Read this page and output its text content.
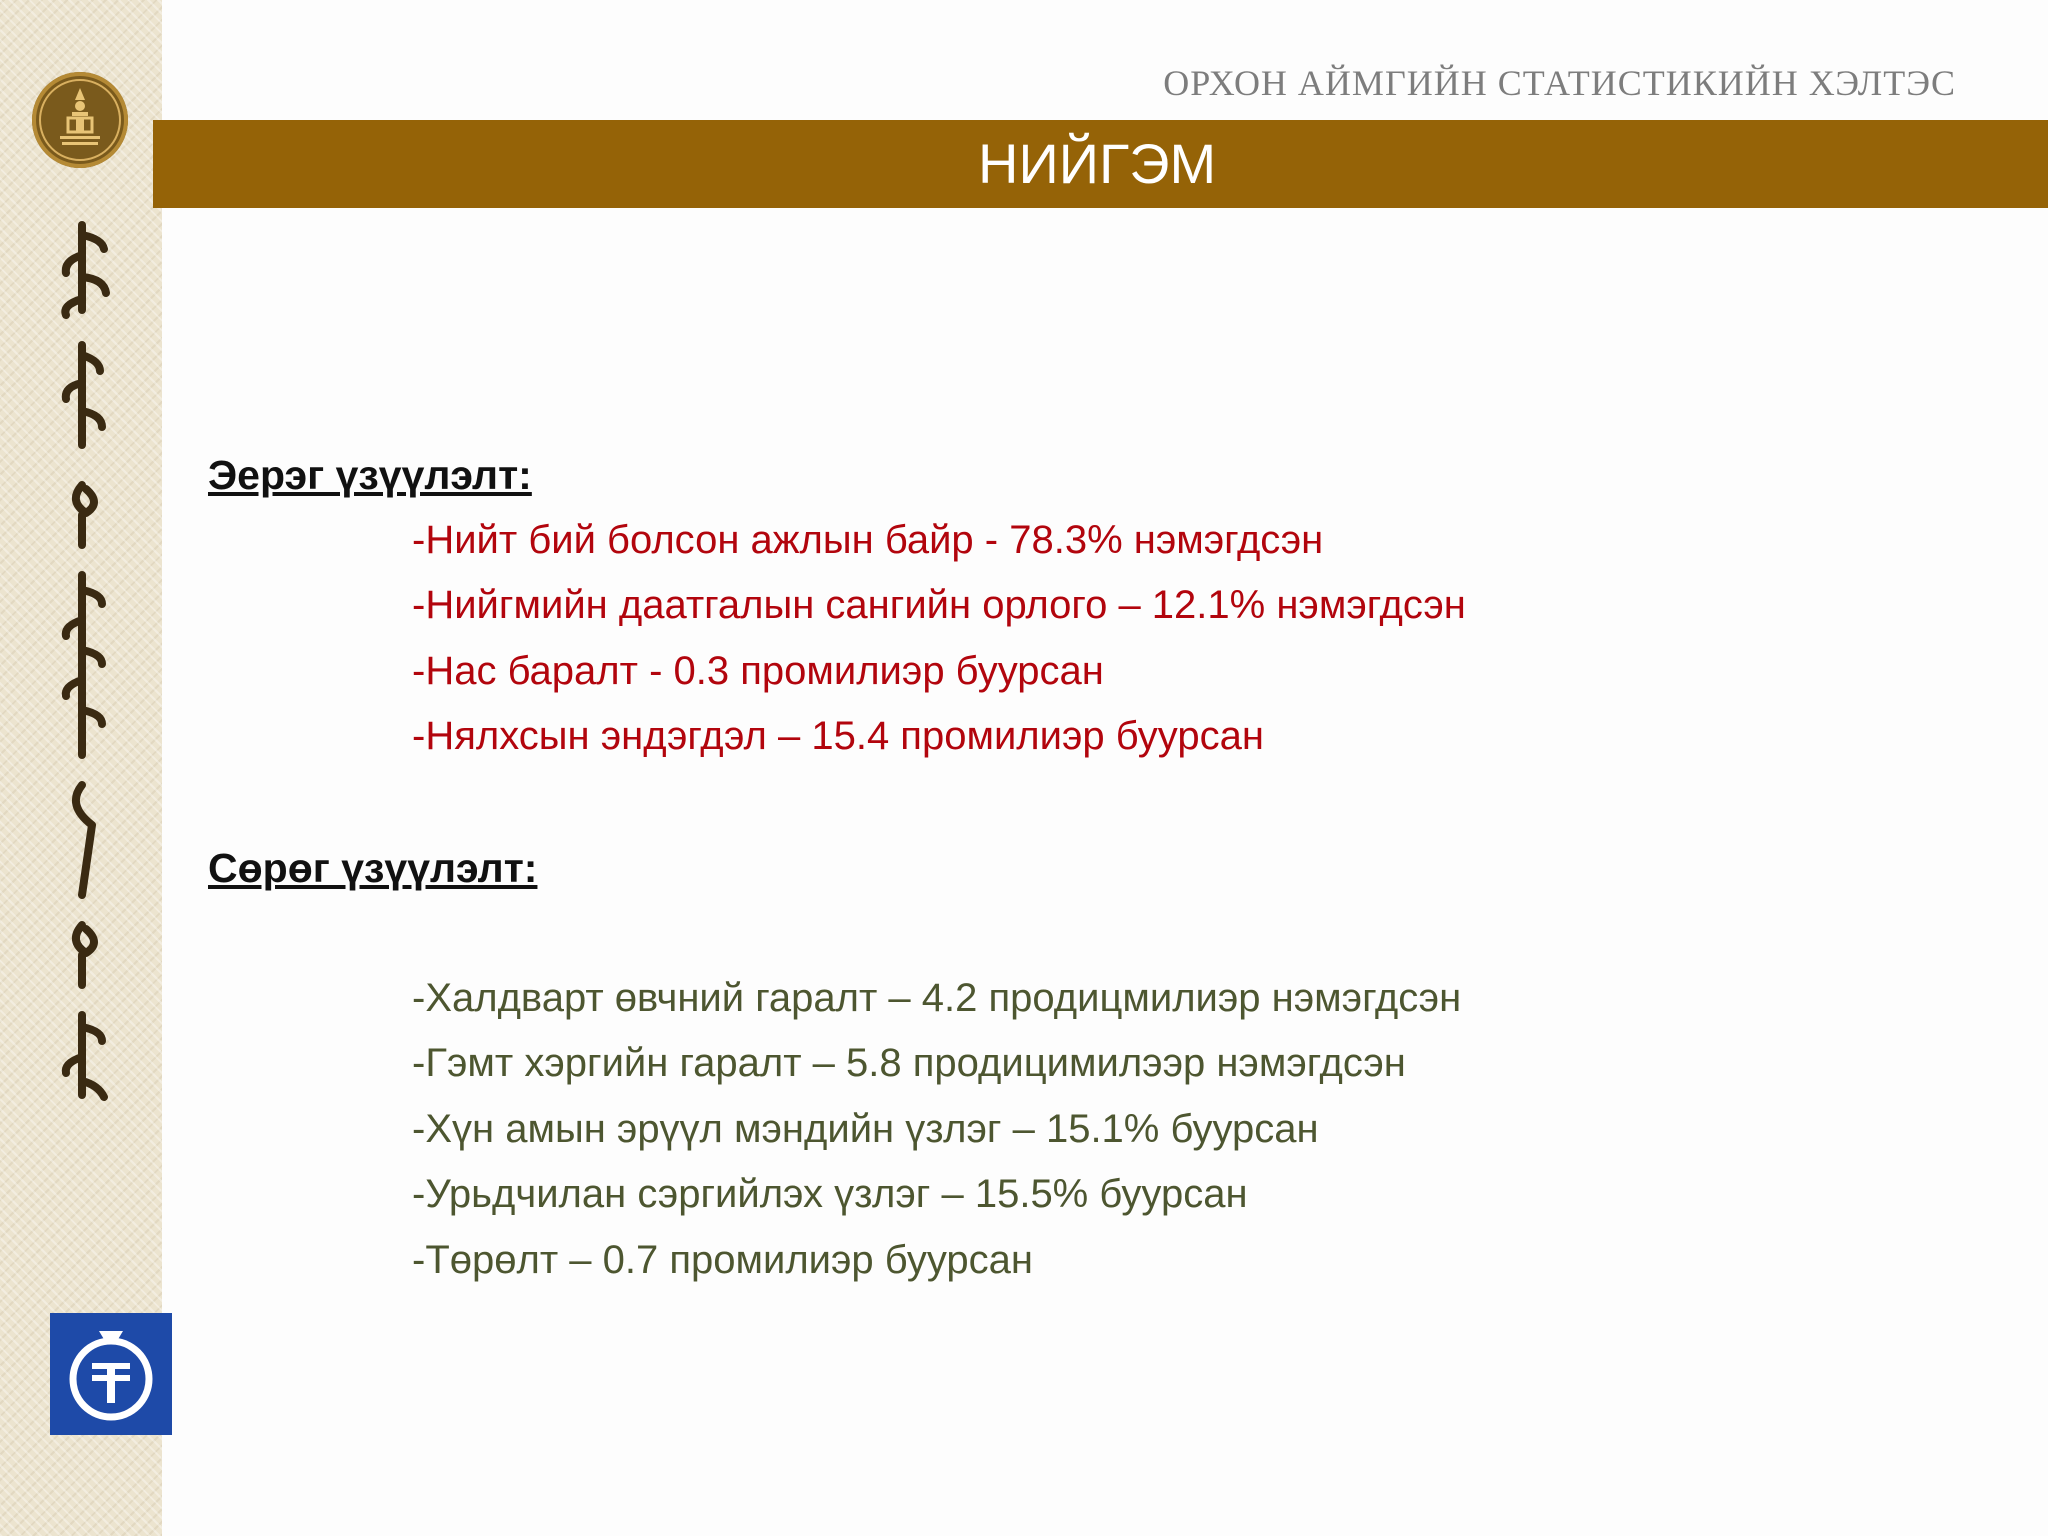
ОРХОН АЙМГИЙН СТАТИСТИКИЙН ХЭЛТЭС
НИЙГЭМ
Эерэг үзүүлэлт:
-Нийт бий болсон ажлын байр - 78.3% нэмэгдсэн
-Нийгмийн даатгалын сангийн орлого – 12.1% нэмэгдсэн
-Нас баралт - 0.3 промилиэр буурсан
-Нялхсын эндэгдэл – 15.4 промилиэр буурсан
Сөрөг үзүүлэлт:
-Халдварт өвчний гаралт – 4.2 продицмилиэр нэмэгдсэн
-Гэмт хэргийн гаралт – 5.8 продицимилээр нэмэгдсэн
-Хүн амын эрүүл мэндийн үзлэг – 15.1% буурсан
-Урьдчилан сэргийлэх үзлэг – 15.5% буурсан
-Төрөлт – 0.7 промилиэр буурсан
